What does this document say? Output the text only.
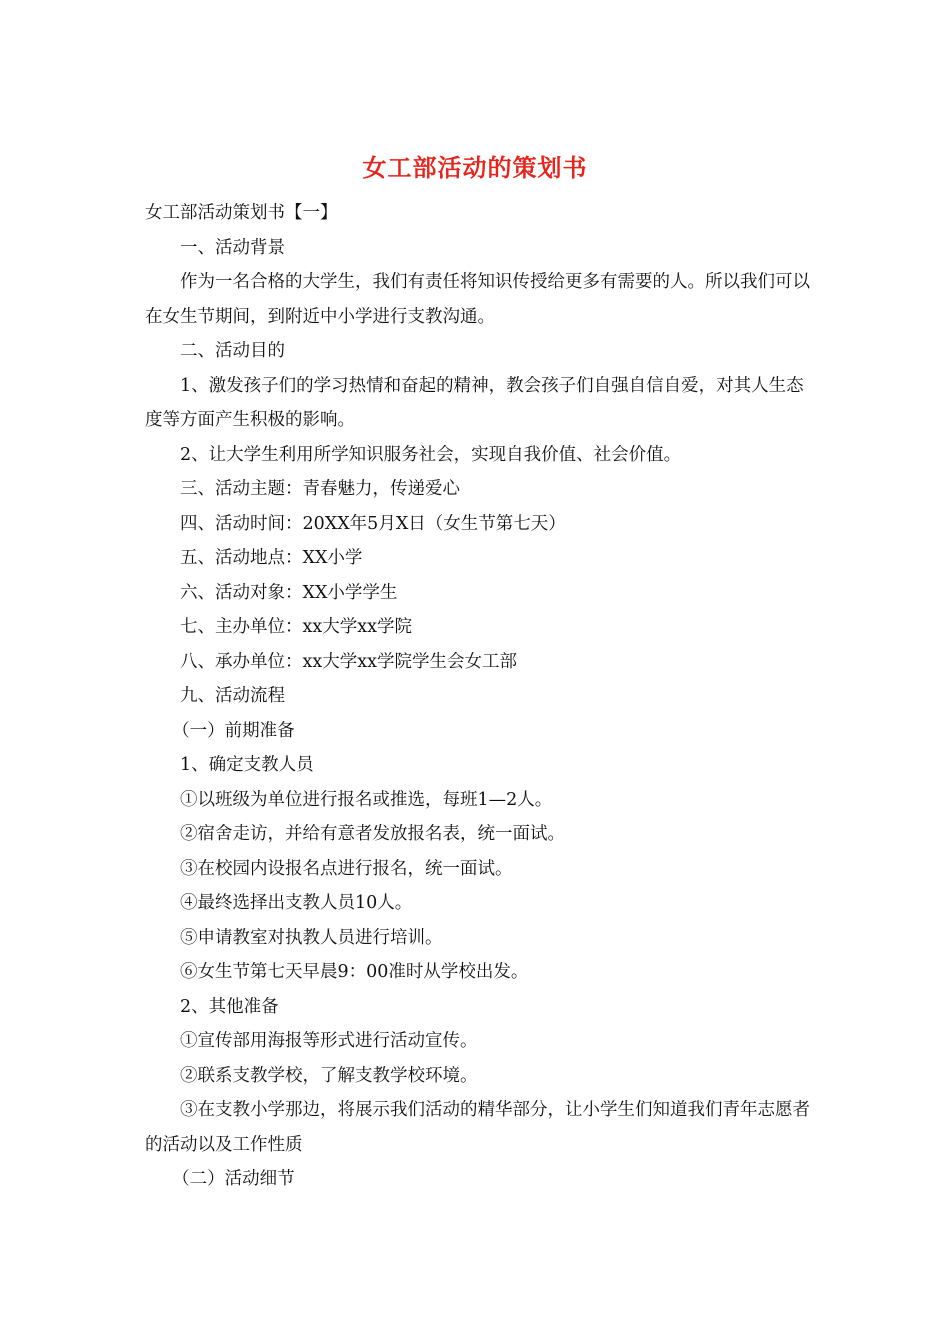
女工部活动的策划书

女工部活动策划书【一】

一、活动背景

作为一名合格的大学生，我们有责任将知识传授给更多有需要的人。所以我们可以在女生节期间，到附近中小学进行支教沟通。

二、活动目的

1、激发孩子们的学习热情和奋起的精神，教会孩子们自强自信自爱，对其人生态度等方面产生积极的影响。

2、让大学生利用所学知识服务社会，实现自我价值、社会价值。

三、活动主题：青春魅力，传递爱心

四、活动时间：20XX年5月X日（女生节第七天）

五、活动地点：XX小学

六、活动对象：XX小学学生

七、主办单位：xx大学xx学院

八、承办单位：xx大学xx学院学生会女工部

九、活动流程

（一）前期准备

1、确定支教人员

①以班级为单位进行报名或推选，每班1—2人。

②宿舍走访，并给有意者发放报名表，统一面试。

③在校园内设报名点进行报名，统一面试。

④最终选择出支教人员10人。

⑤申请教室对执教人员进行培训。

⑥女生节第七天早晨9：00准时从学校出发。

2、其他准备

①宣传部用海报等形式进行活动宣传。

②联系支教学校，了解支教学校环境。

③在支教小学那边，将展示我们活动的精华部分，让小学生们知道我们青年志愿者的活动以及工作性质

（二）活动细节
